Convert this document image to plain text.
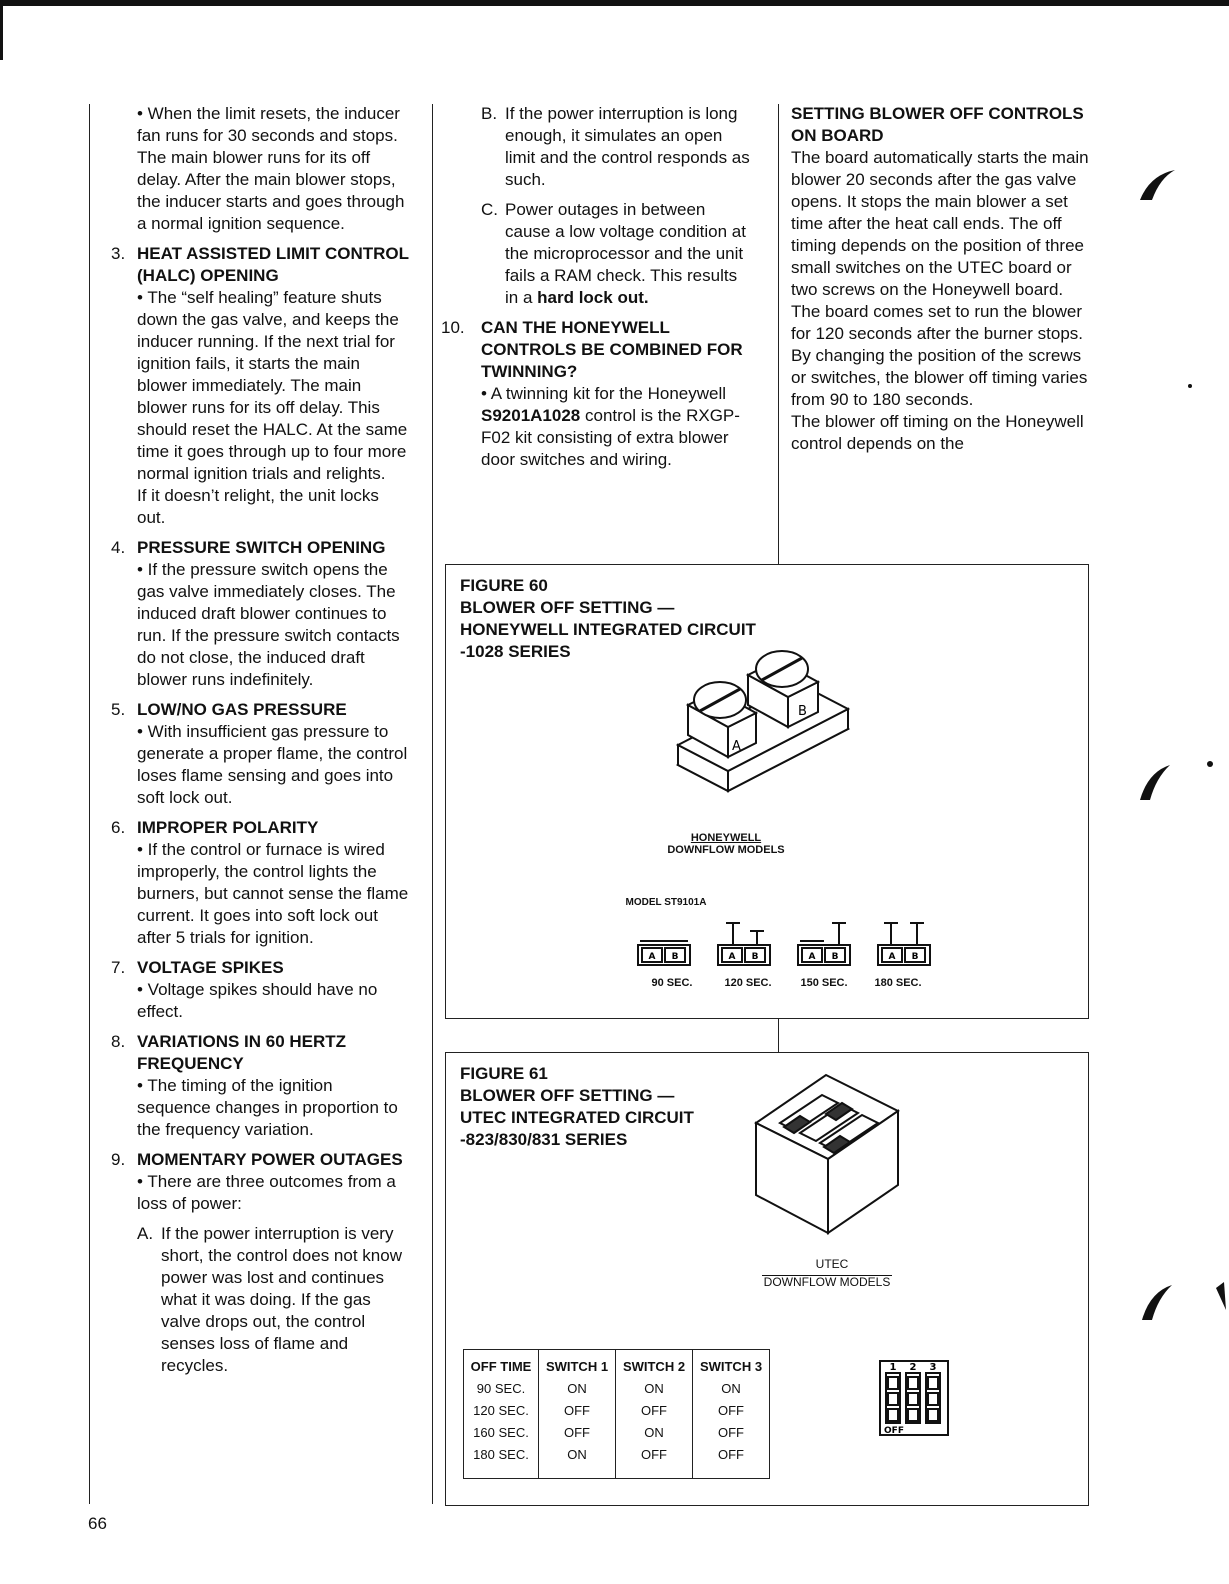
• When the limit resets, the inducer fan runs for 30 seconds and stops. The main blower runs for its off delay. After the main blower stops, the inducer starts and goes through a normal ignition sequence.

3. HEAT ASSISTED LIMIT CONTROL (HALC) OPENING

• The “self healing” feature shuts down the gas valve, and keeps the inducer running. If the next trial for ignition fails, it starts the main blower immediately. The main blower runs for its off delay. This should reset the HALC. At the same time it goes through up to four more normal ignition trials and relights.

If it doesn’t relight, the unit locks out.

4. PRESSURE SWITCH OPENING

• If the pressure switch opens the gas valve immediately closes. The induced draft blower continues to run. If the pressure switch contacts do not close, the induced draft blower runs indefinitely.

5. LOW/NO GAS PRESSURE

• With insufficient gas pressure to generate a proper flame, the control loses flame sensing and goes into soft lock out.

6. IMPROPER POLARITY

• If the control or furnace is wired improperly, the control lights the burners, but cannot sense the flame current. It goes into soft lock out after 5 trials for ignition.

7. VOLTAGE SPIKES

• Voltage spikes should have no effect.

8. VARIATIONS IN 60 HERTZ FREQUENCY

• The timing of the ignition sequence changes in proportion to the frequency variation.

9. MOMENTARY POWER OUTAGES

• There are three outcomes from a loss of power:

A. If the power interruption is very short, the control does not know power was lost and continues what it was doing. If the gas valve drops out, the control senses loss of flame and recycles.

B. If the power interruption is long enough, it simulates an open limit and the control responds as such.

C. Power outages in between cause a low voltage condition at the microprocessor and the unit fails a RAM check. This results in a hard lock out.

10. CAN THE HONEYWELL CONTROLS BE COMBINED FOR TWINNING?

• A twinning kit for the Honeywell S9201A1028 control is the RXGP-F02 kit consisting of extra blower door switches and wiring.

SETTING BLOWER OFF CONTROLS ON BOARD

The board automatically starts the main blower 20 seconds after the gas valve opens. It stops the main blower a set time after the heat call ends. The off timing depends on the position of three small switches on the UTEC board or two screws on the Honeywell board.

The board comes set to run the blower for 120 seconds after the burner stops. By changing the position of the screws or switches, the blower off timing varies from 90 to 180 seconds.

The blower off timing on the Honeywell control depends on the

FIGURE 60
BLOWER OFF SETTING —
HONEYWELL INTEGRATED CIRCUIT
-1028 SERIES
A
B
HONEYWELL
DOWNFLOW MODELS
MODEL ST9101A
A B	A B	A B	A B
90 SEC.	120 SEC.	150 SEC.	180 SEC.
FIGURE 61
BLOWER OFF SETTING —
UTEC INTEGRATED CIRCUIT
-823/830/831 SERIES
UTEC
DOWNFLOW MODELS
OFF TIME	SWITCH 1	SWITCH 2	SWITCH 3
90 SEC.	ON	ON	ON
120 SEC.	OFF	OFF	OFF
160 SEC.	OFF	ON	OFF
180 SEC.	ON	OFF	OFF
1 2 3
OFF
66
